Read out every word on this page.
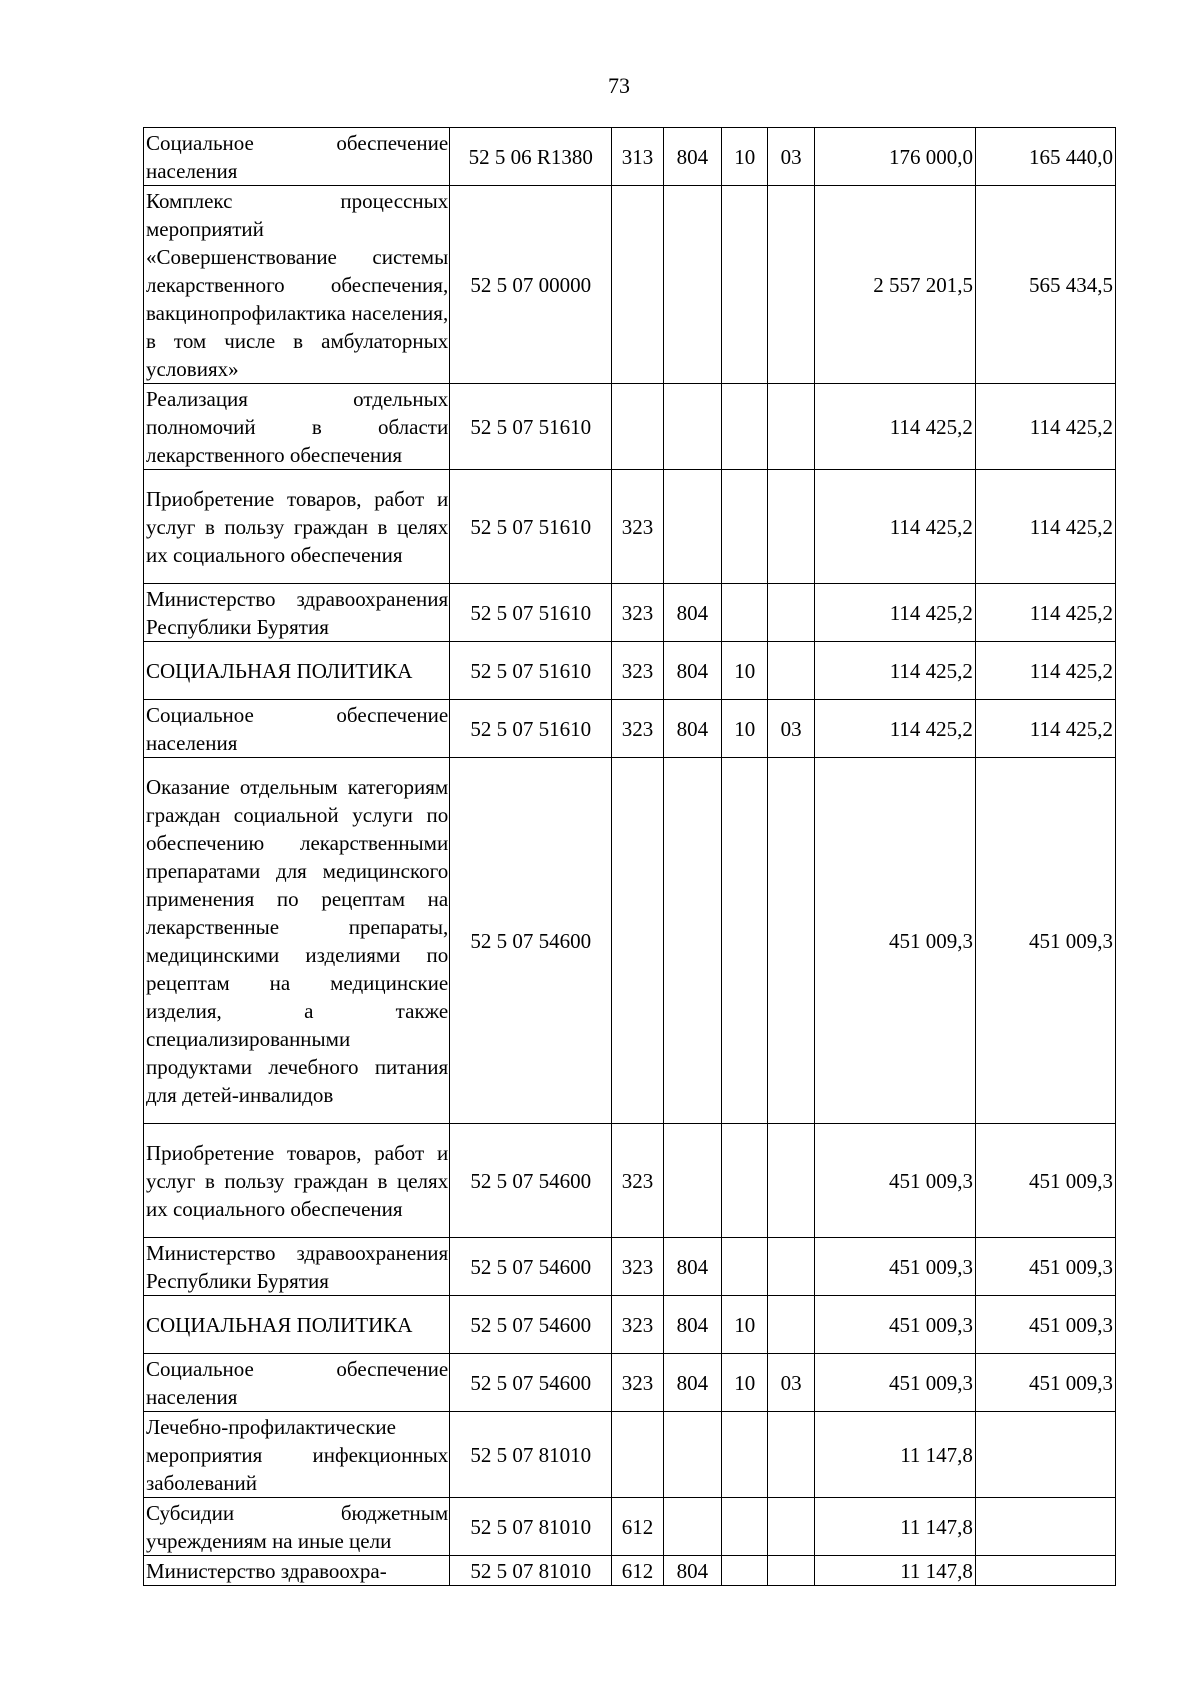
73
Социальное обеспечение населения	52 5 06 R1380	313	804	10	03	176 000,0	165 440,0
Комплекс процессных мероприятий «Совершенствование системы лекарственного обеспечения, вакцинопрофилактика населения, в том числе в амбулаторных условиях»	52 5 07 00000					2 557 201,5	565 434,5
Реализация отдельных полномочий в области лекарственного обеспечения	52 5 07 51610					114 425,2	114 425,2
Приобретение товаров, работ и услуг в пользу граждан в целях их социального обеспечения	52 5 07 51610	323				114 425,2	114 425,2
Министерство здравоохранения Республики Бурятия	52 5 07 51610	323	804			114 425,2	114 425,2
СОЦИАЛЬНАЯ ПОЛИТИКА	52 5 07 51610	323	804	10		114 425,2	114 425,2
Социальное обеспечение населения	52 5 07 51610	323	804	10	03	114 425,2	114 425,2
Оказание отдельным категориям граждан социальной услуги по обеспечению лекарственными препаратами для медицинского применения по рецептам на лекарственные препараты, медицинскими изделиями по рецептам на медицинские изделия, а также специализированными продуктами лечебного питания для детей-инвалидов	52 5 07 54600					451 009,3	451 009,3
Приобретение товаров, работ и услуг в пользу граждан в целях их социального обеспечения	52 5 07 54600	323				451 009,3	451 009,3
Министерство здравоохранения Республики Бурятия	52 5 07 54600	323	804			451 009,3	451 009,3
СОЦИАЛЬНАЯ ПОЛИТИКА	52 5 07 54600	323	804	10		451 009,3	451 009,3
Социальное обеспечение населения	52 5 07 54600	323	804	10	03	451 009,3	451 009,3
Лечебно-профилактические мероприятия инфекционных заболеваний	52 5 07 81010					11 147,8	
Субсидии бюджетным учреждениям на иные цели	52 5 07 81010	612				11 147,8	
Министерство здравоохра-	52 5 07 81010	612	804			11 147,8	
